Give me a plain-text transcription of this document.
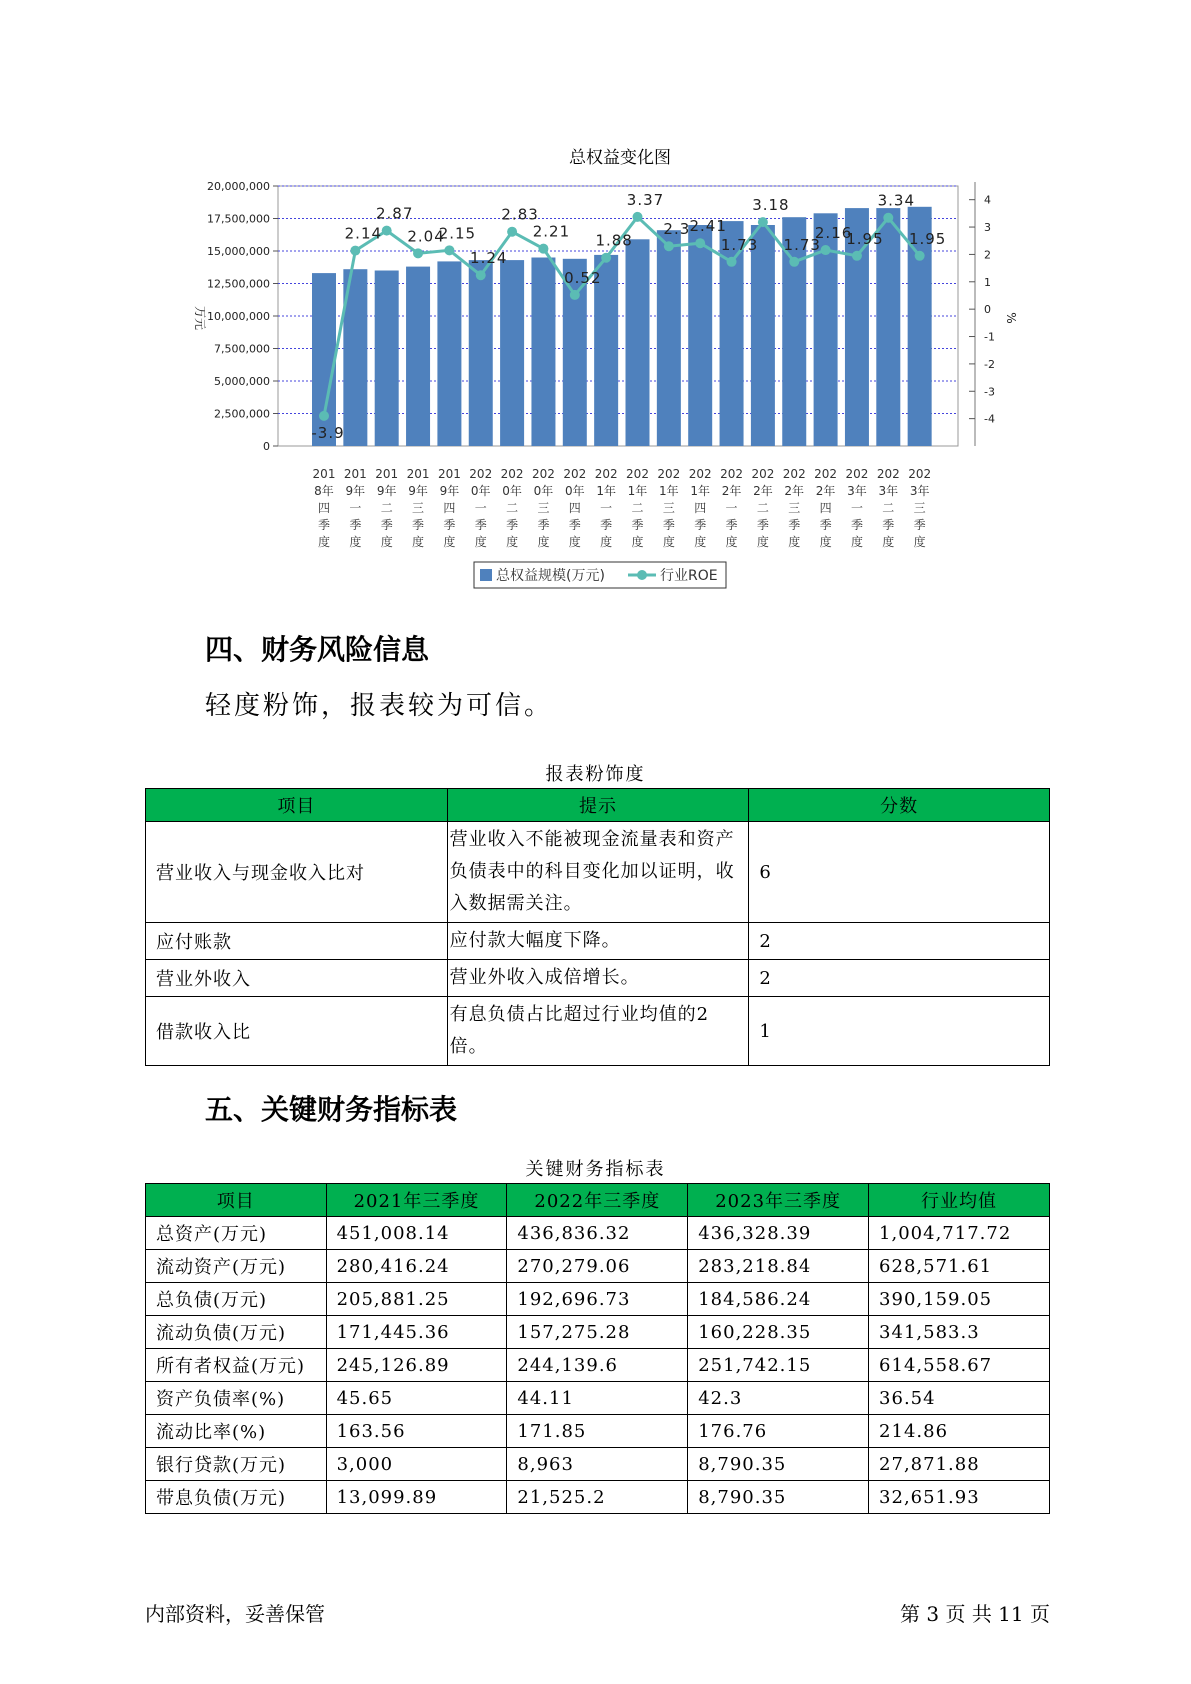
总权益变化图
0
2,500,000
5,000,000
7,500,000
10,000,000
12,500,000
15,000,000
17,500,000
20,000,000
万元
-4
-3
-2
-1
0
1
2
3
4
%
201
8年
四
季
度
201
9年
一
季
度
201
9年
二
季
度
201
9年
三
季
度
201
9年
四
季
度
202
0年
一
季
度
202
0年
二
季
度
202
0年
三
季
度
202
0年
四
季
度
202
1年
一
季
度
202
1年
二
季
度
202
1年
三
季
度
202
1年
四
季
度
202
2年
一
季
度
202
2年
二
季
度
202
2年
三
季
度
202
2年
四
季
度
202
3年
一
季
度
202
3年
二
季
度
202
3年
三
季
度
-3.9
2.14
2.87
2.04
2.15
1.24
2.83
2.21
0.52
1.88
3.37
2.3 2.41
1.73
3.18
1.73
2.16
1.95
3.34
1.95
总权益规模(万元)	行业ROE
四、财务风险信息

轻度粉饰，报表较为可信。

报表粉饰度
项目	提示	分数
营业收入与现金收入比对	营业收入不能被现金流量表和资产负债表中的科目变化加以证明，收入数据需关注。	6
应付账款	应付款大幅度下降。	2
营业外收入	营业外收入成倍增长。	2
借款收入比	有息负债占比超过行业均值的2倍。	1
五、关键财务指标表
关键财务指标表
项目	2021年三季度	2022年三季度	2023年三季度	行业均值
总资产(万元)	451,008.14	436,836.32	436,328.39	1,004,717.72
流动资产(万元)	280,416.24	270,279.06	283,218.84	628,571.61
总负债(万元)	205,881.25	192,696.73	184,586.24	390,159.05
流动负债(万元)	171,445.36	157,275.28	160,228.35	341,583.3
所有者权益(万元)	245,126.89	244,139.6	251,742.15	614,558.67
资产负债率(%)	45.65	44.11	42.3	36.54
流动比率(%)	163.56	171.85	176.76	214.86
银行贷款(万元)	3,000	8,963	8,790.35	27,871.88
带息负债(万元)	13,099.89	21,525.2	8,790.35	32,651.93
内部资料，妥善保管	第 3 页 共 11 页
